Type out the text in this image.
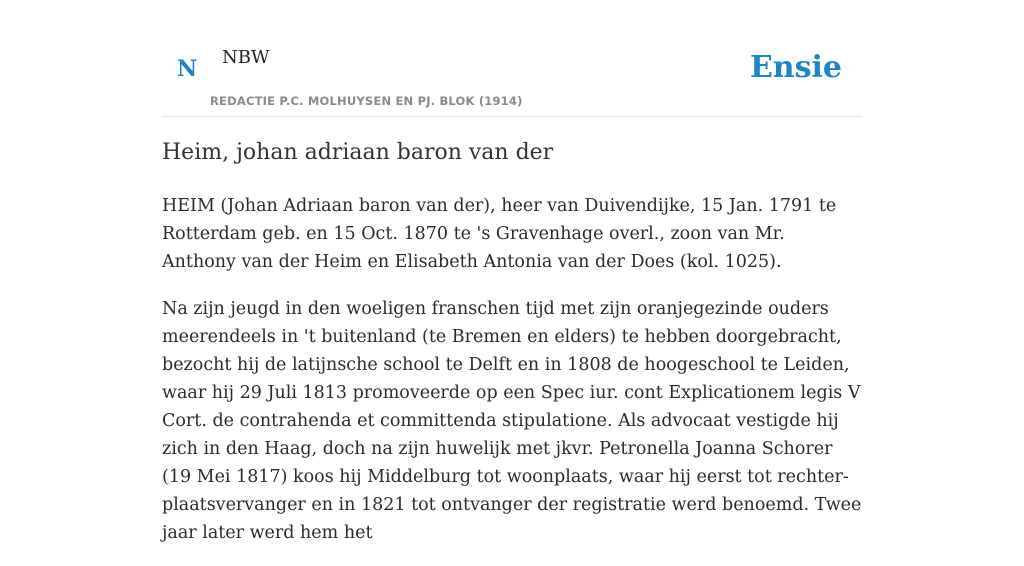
N NBW
REDACTIE P.C. MOLHUYSEN EN PJ. BLOK (1914)
Ensie
Heim, johan adriaan baron van der

HEIM (Johan Adriaan baron van der), heer van Duivendijke, 15 Jan. 1791 te Rotterdam geb. en 15 Oct. 1870 te 's Gravenhage overl., zoon van Mr. Anthony van der Heim en Elisabeth Antonia van der Does (kol. 1025).

Na zijn jeugd in den woeligen franschen tijd met zijn oranjegezinde ouders meerendeels in 't buitenland (te Bremen en elders) te hebben doorgebracht, bezocht hij de latijnsche school te Delft en in 1808 de hoogeschool te Leiden, waar hij 29 Juli 1813 promoveerde op een Spec iur. cont Explicationem legis V Cort. de contrahenda et committenda stipulatione. Als advocaat vestigde hij zich in den Haag, doch na zijn huwelijk met jkvr. Petronella Joanna Schorer (19 Mei 1817) koos hij Middelburg tot woonplaats, waar hij eerst tot rechter-plaatsvervanger en in 1821 tot ontvanger der registratie werd benoemd. Twee jaar later werd hem het
